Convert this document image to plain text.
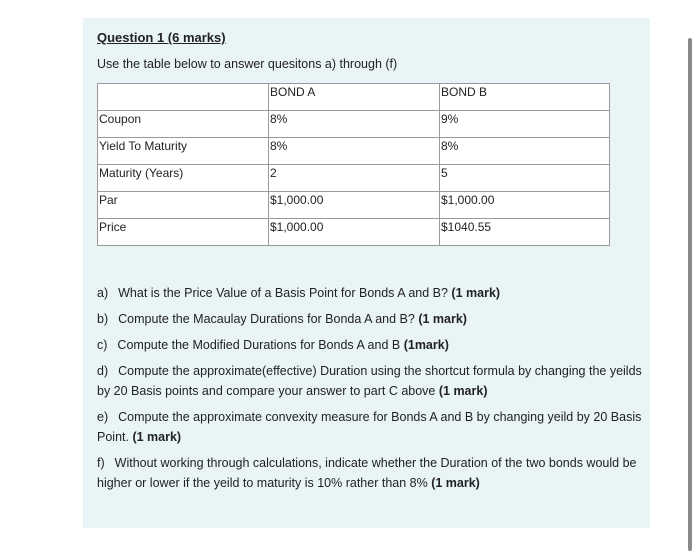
Question 1 (6 marks)
Use the table below to answer quesitons a) through (f)
	BOND A	BOND B
Coupon	8%	9%
Yield To Maturity	8%	8%
Maturity (Years)	2	5
Par	$1,000.00	$1,000.00
Price	$1,000.00	$1040.55

a) What is the Price Value of a Basis Point for Bonds A and B? (1 mark)

b) Compute the Macaulay Durations for Bonda A and B? (1 mark)

c) Compute the Modified Durations for Bonds A and B (1mark)

d) Compute the approximate(effective) Duration using the shortcut formula by changing the yeilds by 20 Basis points and compare your answer to part C above (1 mark)

e) Compute the approximate convexity measure for Bonds A and B by changing yeild by 20 Basis Point. (1 mark)

f) Without working through calculations, indicate whether the Duration of the two bonds would be higher or lower if the yeild to maturity is 10% rather than 8% (1 mark)
